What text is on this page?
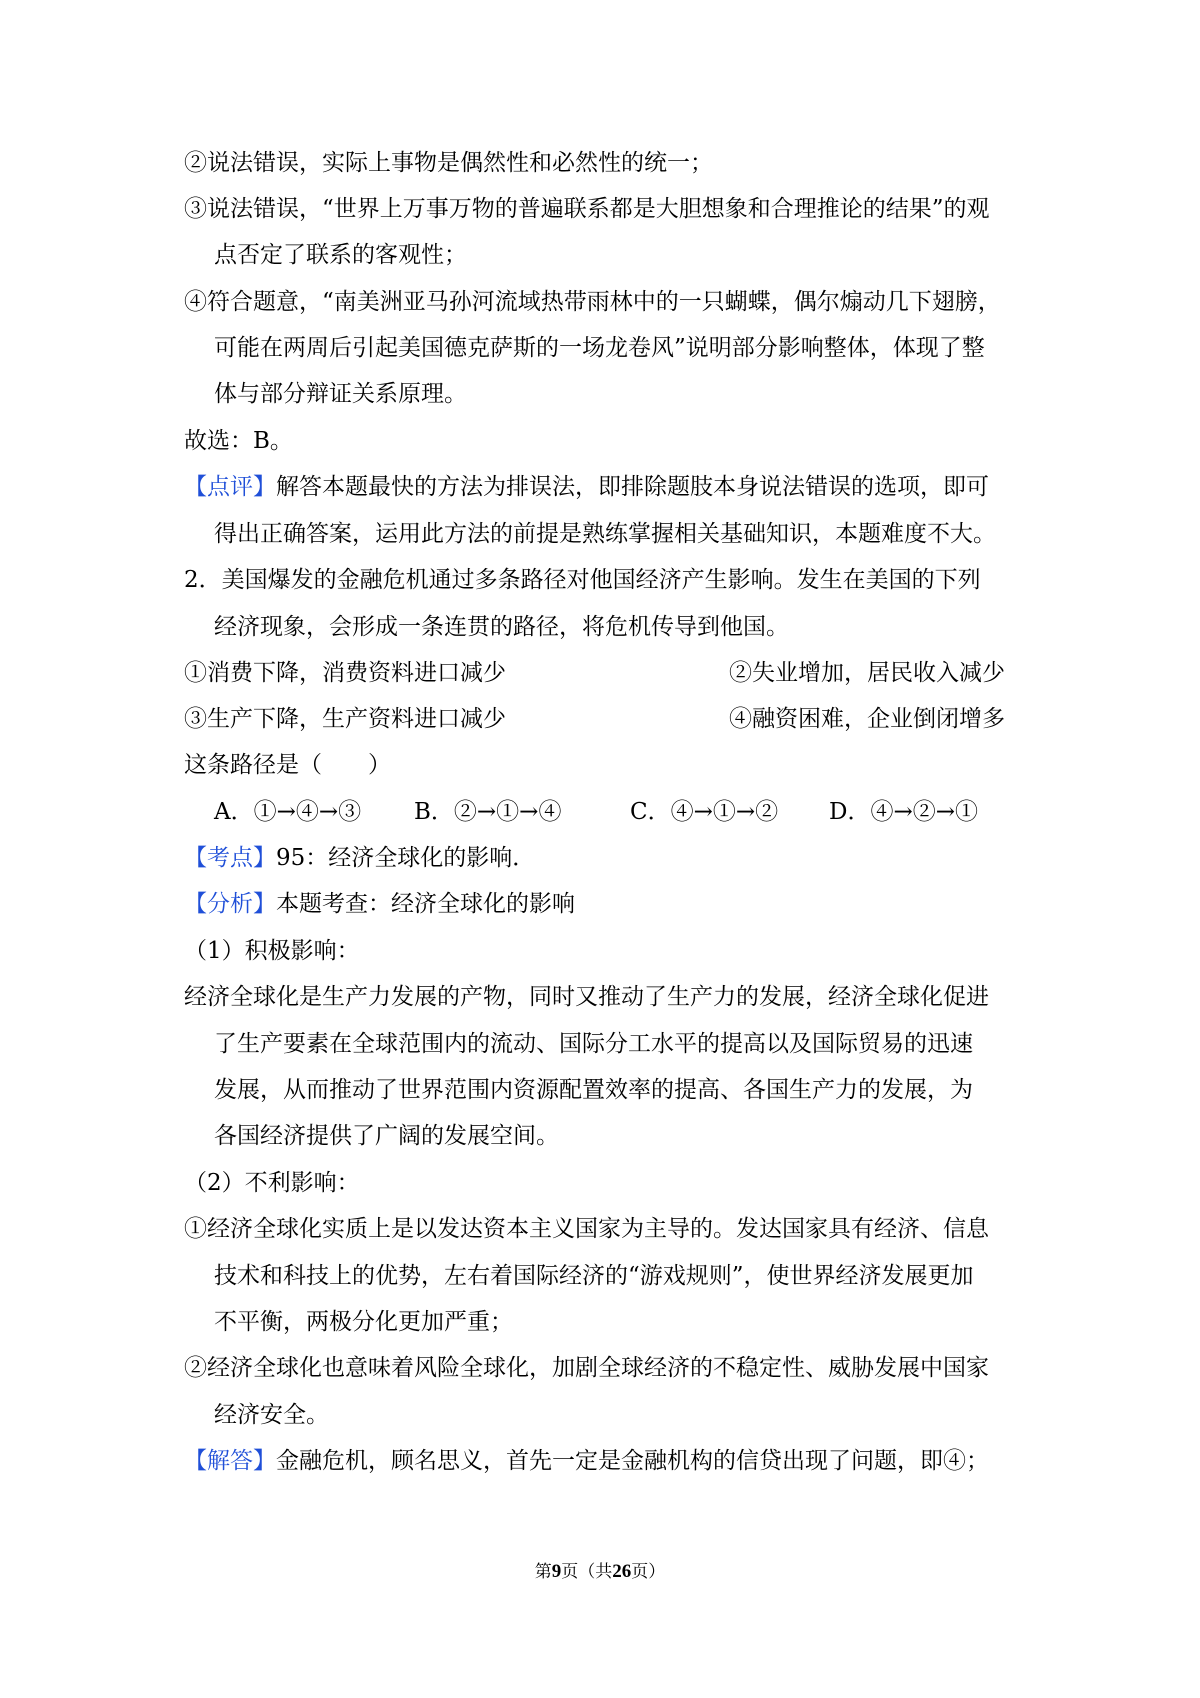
②说法错误，实际上事物是偶然性和必然性的统一；
③说法错误，“世界上万事万物的普遍联系都是大胆想象和合理推论的结果”的观
点否定了联系的客观性；
④符合题意，“南美洲亚马孙河流域热带雨林中的一只蝴蝶，偶尔煽动几下翅膀，
可能在两周后引起美国德克萨斯的一场龙卷风”说明部分影响整体，体现了整
体与部分辩证关系原理。
故选：B。
【点评】解答本题最快的方法为排误法，即排除题肢本身说法错误的选项，即可
得出正确答案，运用此方法的前提是熟练掌握相关基础知识，本题难度不大。
2．美国爆发的金融危机通过多条路径对他国经济产生影响。发生在美国的下列
经济现象，会形成一条连贯的路径，将危机传导到他国。
①消费下降，消费资料进口减少	②失业增加，居民收入减少
③生产下降，生产资料进口减少	④融资困难，企业倒闭增多
这条路径是（　　）
A．①→④→③ B．②→①→④	C．④→①→② D．④→②→①
【考点】95：经济全球化的影响．
【分析】本题考查：经济全球化的影响
（1）积极影响：
经济全球化是生产力发展的产物，同时又推动了生产力的发展，经济全球化促进
了生产要素在全球范围内的流动、国际分工水平的提高以及国际贸易的迅速
发展，从而推动了世界范围内资源配置效率的提高、各国生产力的发展，为
各国经济提供了广阔的发展空间。
（2）不利影响：
①经济全球化实质上是以发达资本主义国家为主导的。发达国家具有经济、信息
技术和科技上的优势，左右着国际经济的“游戏规则”，使世界经济发展更加
不平衡，两极分化更加严重；
②经济全球化也意味着风险全球化，加剧全球经济的不稳定性、威胁发展中国家
经济安全。
【解答】金融危机，顾名思义，首先一定是金融机构的信贷出现了问题，即④；
第9页（共26页）
